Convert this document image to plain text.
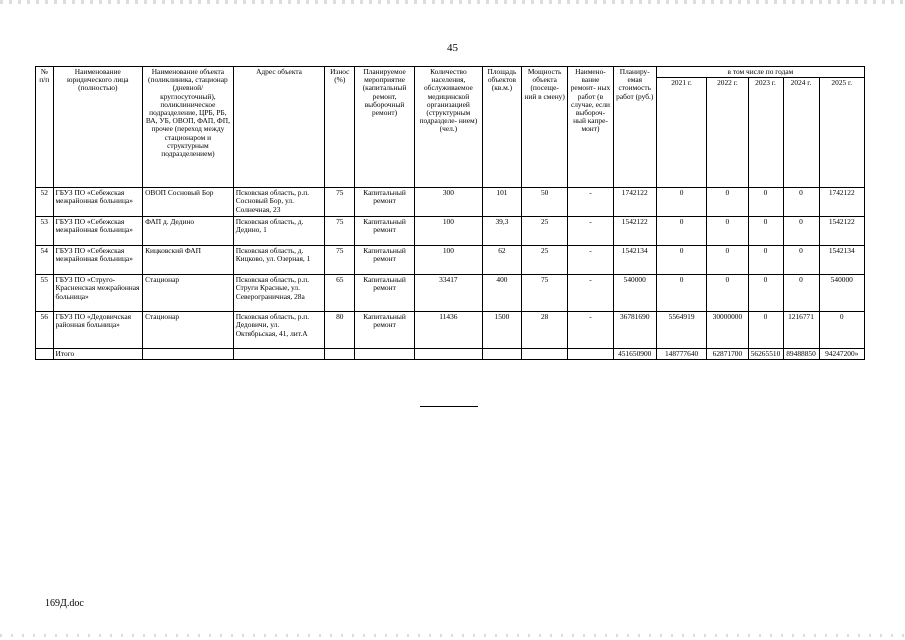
45
№ п/п	Наименование юридического лица (полностью)	Наименование объекта (поликлиника, стационар (дневной/ круглосуточный), поликлиническое подразделение, ЦРБ, РБ, ВА, УБ, ОВОП, ФАП, ФП, прочее (переход между стационаром и структурным подразделением)	Адрес объекта	Износ (%)	Планируемое мероприятие (капитальный ремонт, выборочный ремонт)	Количество населения, обслуживаемое медицинской организацией (структурным подразделе- нием) (чел.)	Площадь объектов (кв.м.)	Мощность объекта (посеще- ний в смену)	Наимено- вание ремонт- ных работ (в случае, если выбороч- ный капре- монт)	Планиру- емая стоимость работ (руб.)	в том числе по годам				
											2021 г.	2022 г.	2023 г.	2024 г.	2025 г.
52	ГБУЗ ПО «Себежская межрайонная больница»	ОВОП Сосновый Бор	Псковская область, р.п. Сосновый Бор, ул. Солнечная, 23	75	Капитальный ремонт	300	101	50	-	1742122	0	0	0	0	1742122
53	ГБУЗ ПО «Себежская межрайонная больница»	ФАП д. Дедино	Псковская область, д. Дедино, 1	75	Капитальный ремонт	100	39,3	25	-	1542122	0	0	0	0	1542122
54	ГБУЗ ПО «Себежская межрайонная больница»	Кицковский ФАП	Псковская область, д. Кицково, ул. Озерная, 1	75	Капитальный ремонт	100	62	25	-	1542134	0	0	0	0	1542134
55	ГБУЗ ПО «Струго-Красненская межрайонная больница»	Стационар	Псковская область, р.п. Струги Красные, ул. Северогpаничная, 28а	65	Капитальный ремонт	33417	400	75	-	540000	0	0	0	0	540000
56	ГБУЗ ПО «Дедовичская районная больница»	Стационар	Псковская область, р.п. Дедовичи, ул. Октябрьская, 41, лит.А	80	Капитальный ремонт	11436	1500	28	-	36781690	5564919	30000000	0	1216771	0
	Итого									451650900	148777640	62871700	56265510	89488850	94247200»
169Д.doc
